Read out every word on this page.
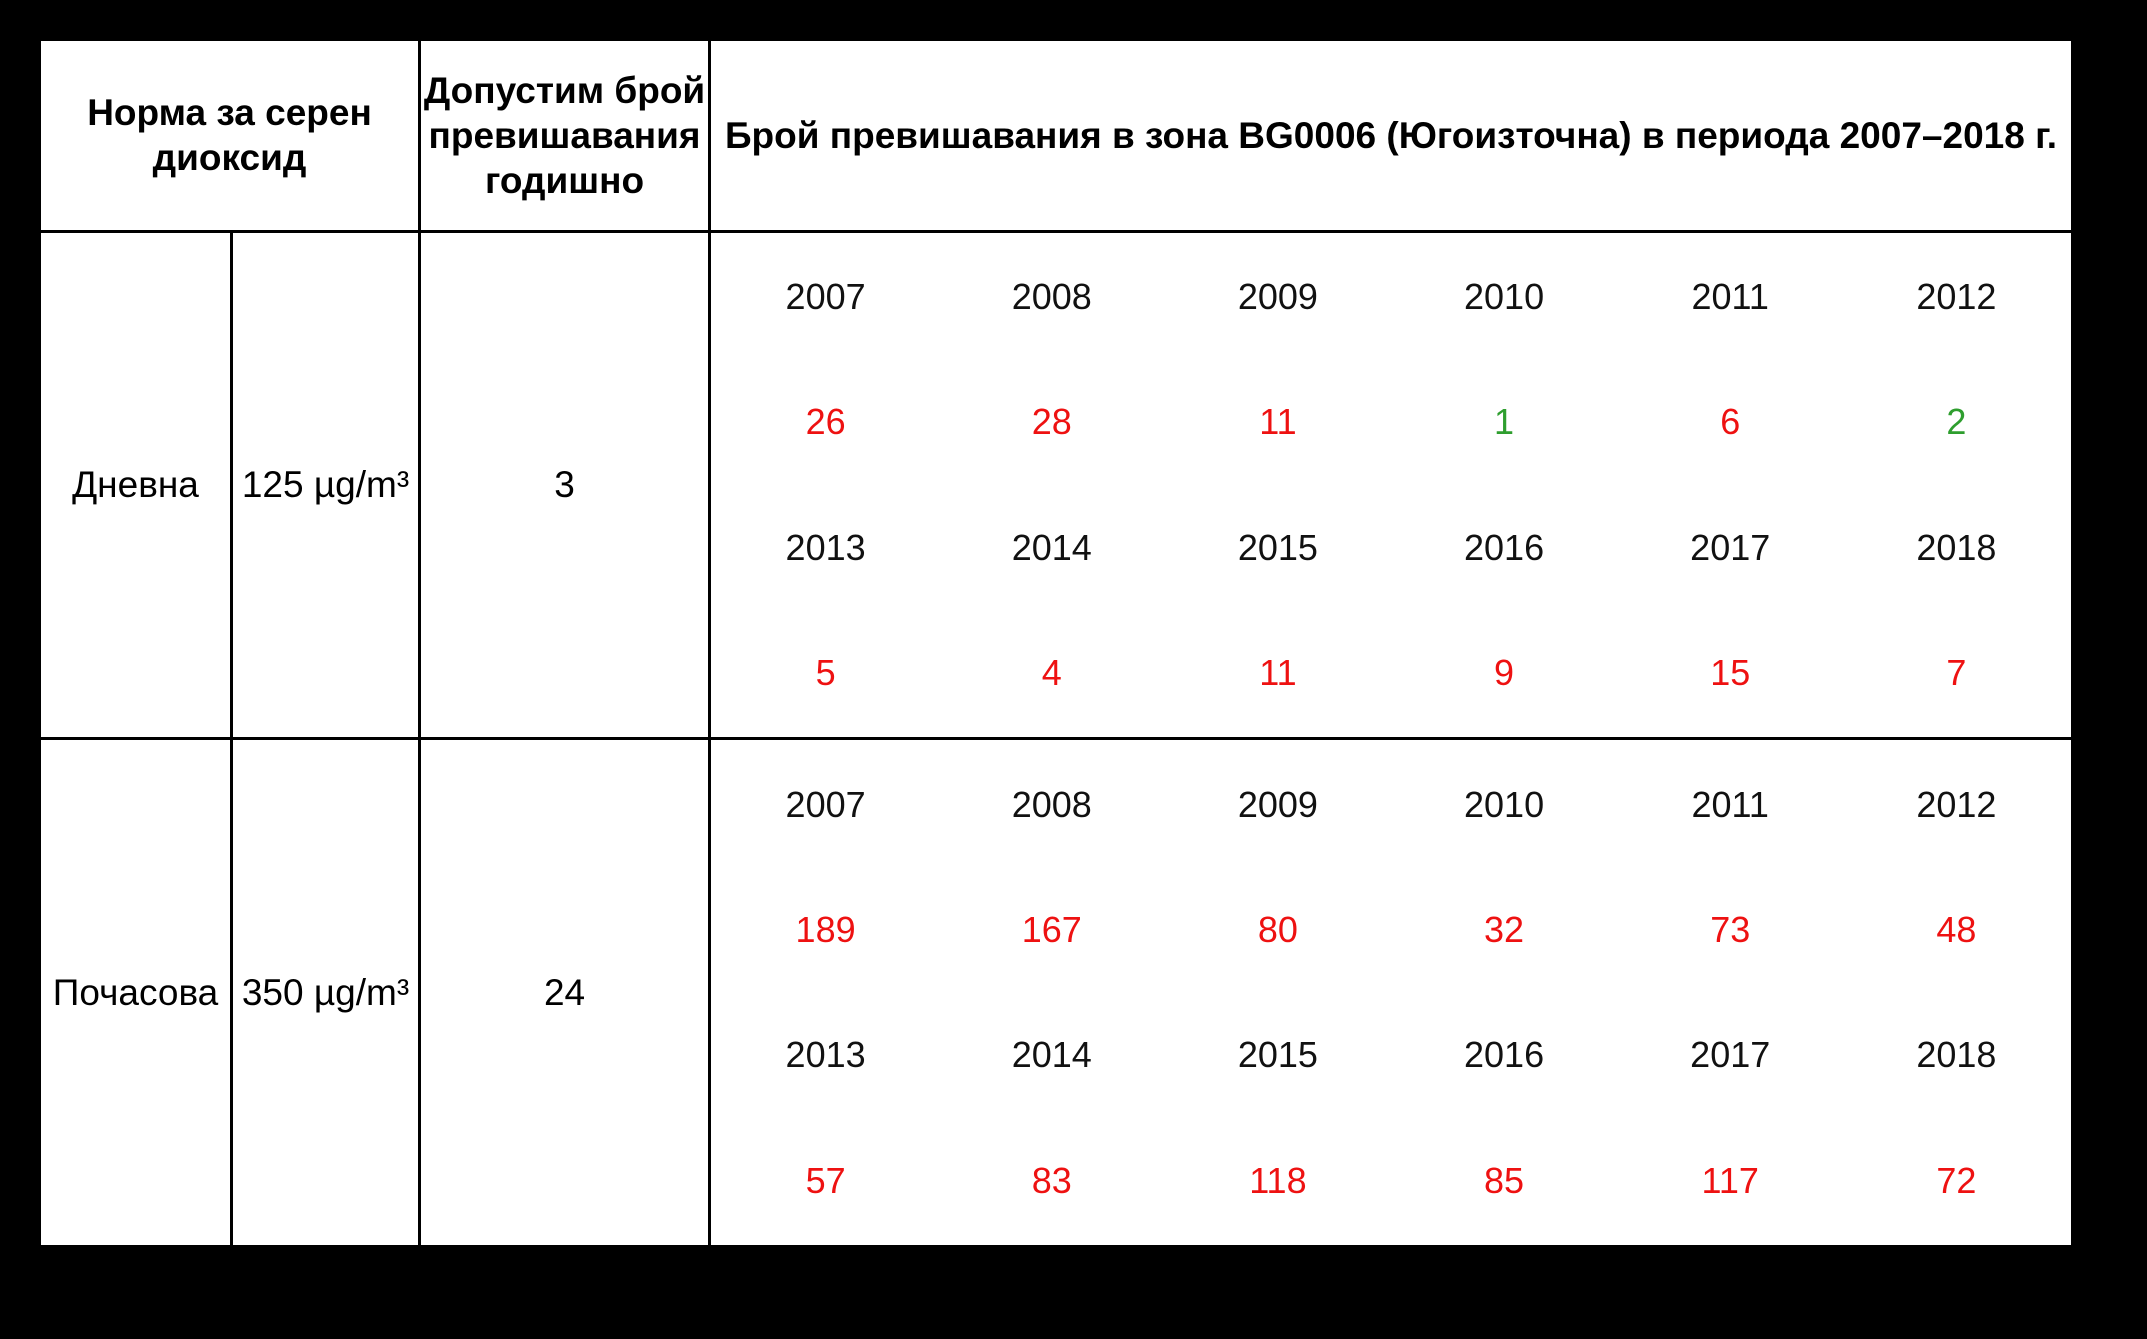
Норма за серен диоксид	Допустим брой превишавания годишно	Брой превишавания в зона BG0006 (Югоизточна) в периода 2007–2018 г.
Дневна	125 µg/m³	3	
2007	2008	2009	2010	2011	2012
26	28	11	1	6	2
2013	2014	2015	2016	2017	2018
5	4	11	9	15	7

Почасова	350 µg/m³	24	
2007	2008	2009	2010	2011	2012
189	167	80	32	73	48
2013	2014	2015	2016	2017	2018
57	83	118	85	117	72
